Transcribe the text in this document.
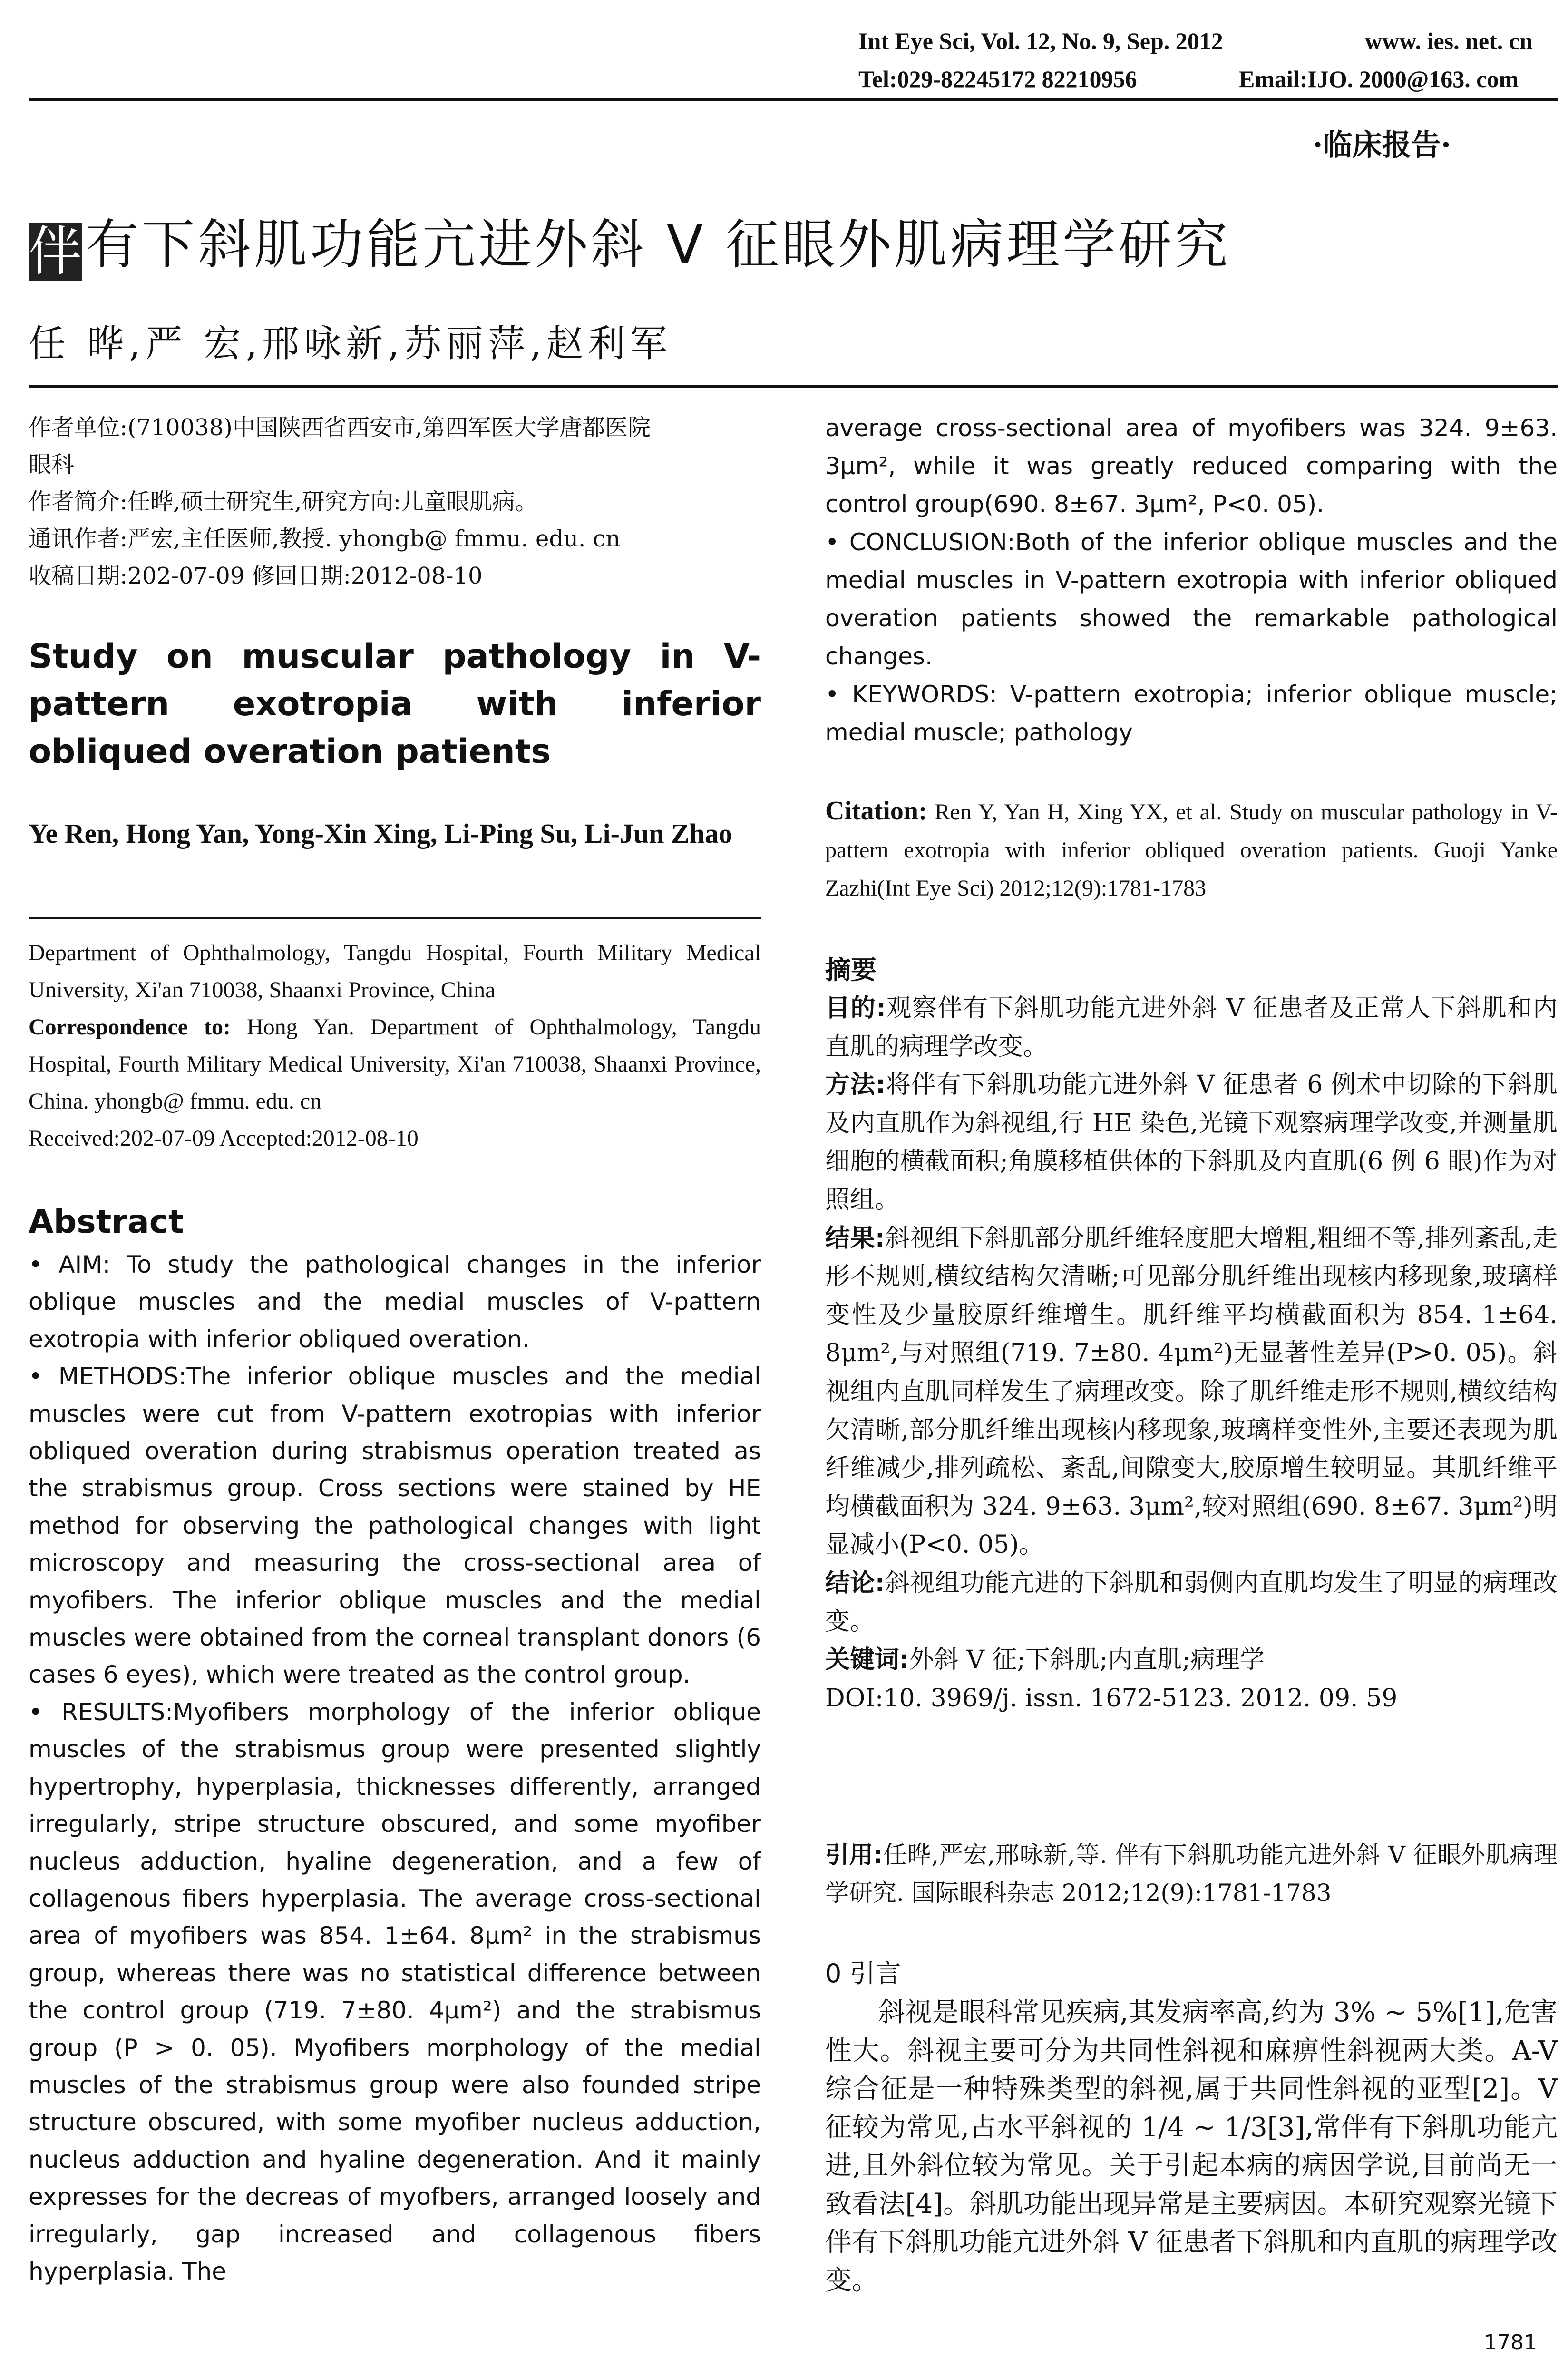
Int Eye Sci, Vol. 12, No. 9, Sep. 2012	www. ies. net. cn
Tel:029-82245172 82210956	Email:IJO. 2000@163. com
·临床报告·
伴有下斜肌功能亢进外斜 V 征眼外肌病理学研究
任 晔,严 宏,邢咏新,苏丽萍,赵利军
作者单位:(710038)中国陕西省西安市,第四军医大学唐都医院
眼科
作者简介:任晔,硕士研究生,研究方向:儿童眼肌病。
通讯作者:严宏,主任医师,教授. yhongb@ fmmu. edu. cn
收稿日期:202-07-09 修回日期:2012-08-10
Study on muscular pathology in V-pattern exotropia with inferior obliqued overation patients
Ye Ren, Hong Yan, Yong-Xin Xing, Li-Ping Su, Li-Jun Zhao

Department of Ophthalmology, Tangdu Hospital, Fourth Military Medical University, Xi'an 710038, Shaanxi Province, China

Correspondence to: Hong Yan. Department of Ophthalmology, Tangdu Hospital, Fourth Military Medical University, Xi'an 710038, Shaanxi Province, China. yhongb@ fmmu. edu. cn

Received:202-07-09 Accepted:2012-08-10

Abstract

• AIM: To study the pathological changes in the inferior oblique muscles and the medial muscles of V-pattern exotropia with inferior obliqued overation.

• METHODS:The inferior oblique muscles and the medial muscles were cut from V-pattern exotropias with inferior obliqued overation during strabismus operation treated as the strabismus group. Cross sections were stained by HE method for observing the pathological changes with light microscopy and measuring the cross-sectional area of myofibers. The inferior oblique muscles and the medial muscles were obtained from the corneal transplant donors (6 cases 6 eyes), which were treated as the control group.

• RESULTS:Myofibers morphology of the inferior oblique muscles of the strabismus group were presented slightly hypertrophy, hyperplasia, thicknesses differently, arranged irregularly, stripe structure obscured, and some myofiber nucleus adduction, hyaline degeneration, and a few of collagenous fibers hyperplasia. The average cross-sectional area of myofibers was 854. 1±64. 8μm² in the strabismus group, whereas there was no statistical difference between the control group (719. 7±80. 4μm²) and the strabismus group (P > 0. 05). Myofibers morphology of the medial muscles of the strabismus group were also founded stripe structure obscured, with some myofiber nucleus adduction, nucleus adduction and hyaline degeneration. And it mainly expresses for the decreas of myofbers, arranged loosely and irregularly, gap increased and collagenous fibers hyperplasia. The

average cross-sectional area of myofibers was 324. 9±63. 3μm², while it was greatly reduced comparing with the control group(690. 8±67. 3μm², P<0. 05).

• CONCLUSION:Both of the inferior oblique muscles and the medial muscles in V-pattern exotropia with inferior obliqued overation patients showed the remarkable pathological changes.

• KEYWORDS: V-pattern exotropia; inferior oblique muscle; medial muscle; pathology

Citation: Ren Y, Yan H, Xing YX, et al. Study on muscular pathology in V-pattern exotropia with inferior obliqued overation patients. Guoji Yanke Zazhi(Int Eye Sci) 2012;12(9):1781-1783

摘要

目的:观察伴有下斜肌功能亢进外斜 V 征患者及正常人下斜肌和内直肌的病理学改变。

方法:将伴有下斜肌功能亢进外斜 V 征患者 6 例术中切除的下斜肌及内直肌作为斜视组,行 HE 染色,光镜下观察病理学改变,并测量肌细胞的横截面积;角膜移植供体的下斜肌及内直肌(6 例 6 眼)作为对照组。

结果:斜视组下斜肌部分肌纤维轻度肥大增粗,粗细不等,排列紊乱,走形不规则,横纹结构欠清晰;可见部分肌纤维出现核内移现象,玻璃样变性及少量胶原纤维增生。肌纤维平均横截面积为 854. 1±64. 8μm²,与对照组(719. 7±80. 4μm²)无显著性差异(P>0. 05)。斜视组内直肌同样发生了病理改变。除了肌纤维走形不规则,横纹结构欠清晰,部分肌纤维出现核内移现象,玻璃样变性外,主要还表现为肌纤维减少,排列疏松、紊乱,间隙变大,胶原增生较明显。其肌纤维平均横截面积为 324. 9±63. 3μm²,较对照组(690. 8±67. 3μm²)明显减小(P<0. 05)。

结论:斜视组功能亢进的下斜肌和弱侧内直肌均发生了明显的病理改变。

关键词:外斜 V 征;下斜肌;内直肌;病理学

DOI:10. 3969/j. issn. 1672-5123. 2012. 09. 59

引用:任晔,严宏,邢咏新,等. 伴有下斜肌功能亢进外斜 V 征眼外肌病理学研究. 国际眼科杂志 2012;12(9):1781-1783

0 引言
斜视是眼科常见疾病,其发病率高,约为 3% ~ 5%[1],危害性大。斜视主要可分为共同性斜视和麻痹性斜视两大类。A-V 综合征是一种特殊类型的斜视,属于共同性斜视的亚型[2]。V 征较为常见,占水平斜视的 1/4 ~ 1/3[3],常伴有下斜肌功能亢进,且外斜位较为常见。关于引起本病的病因学说,目前尚无一致看法[4]。斜肌功能出现异常是主要病因。本研究观察光镜下伴有下斜肌功能亢进外斜 V 征患者下斜肌和内直肌的病理学改变。
1781
